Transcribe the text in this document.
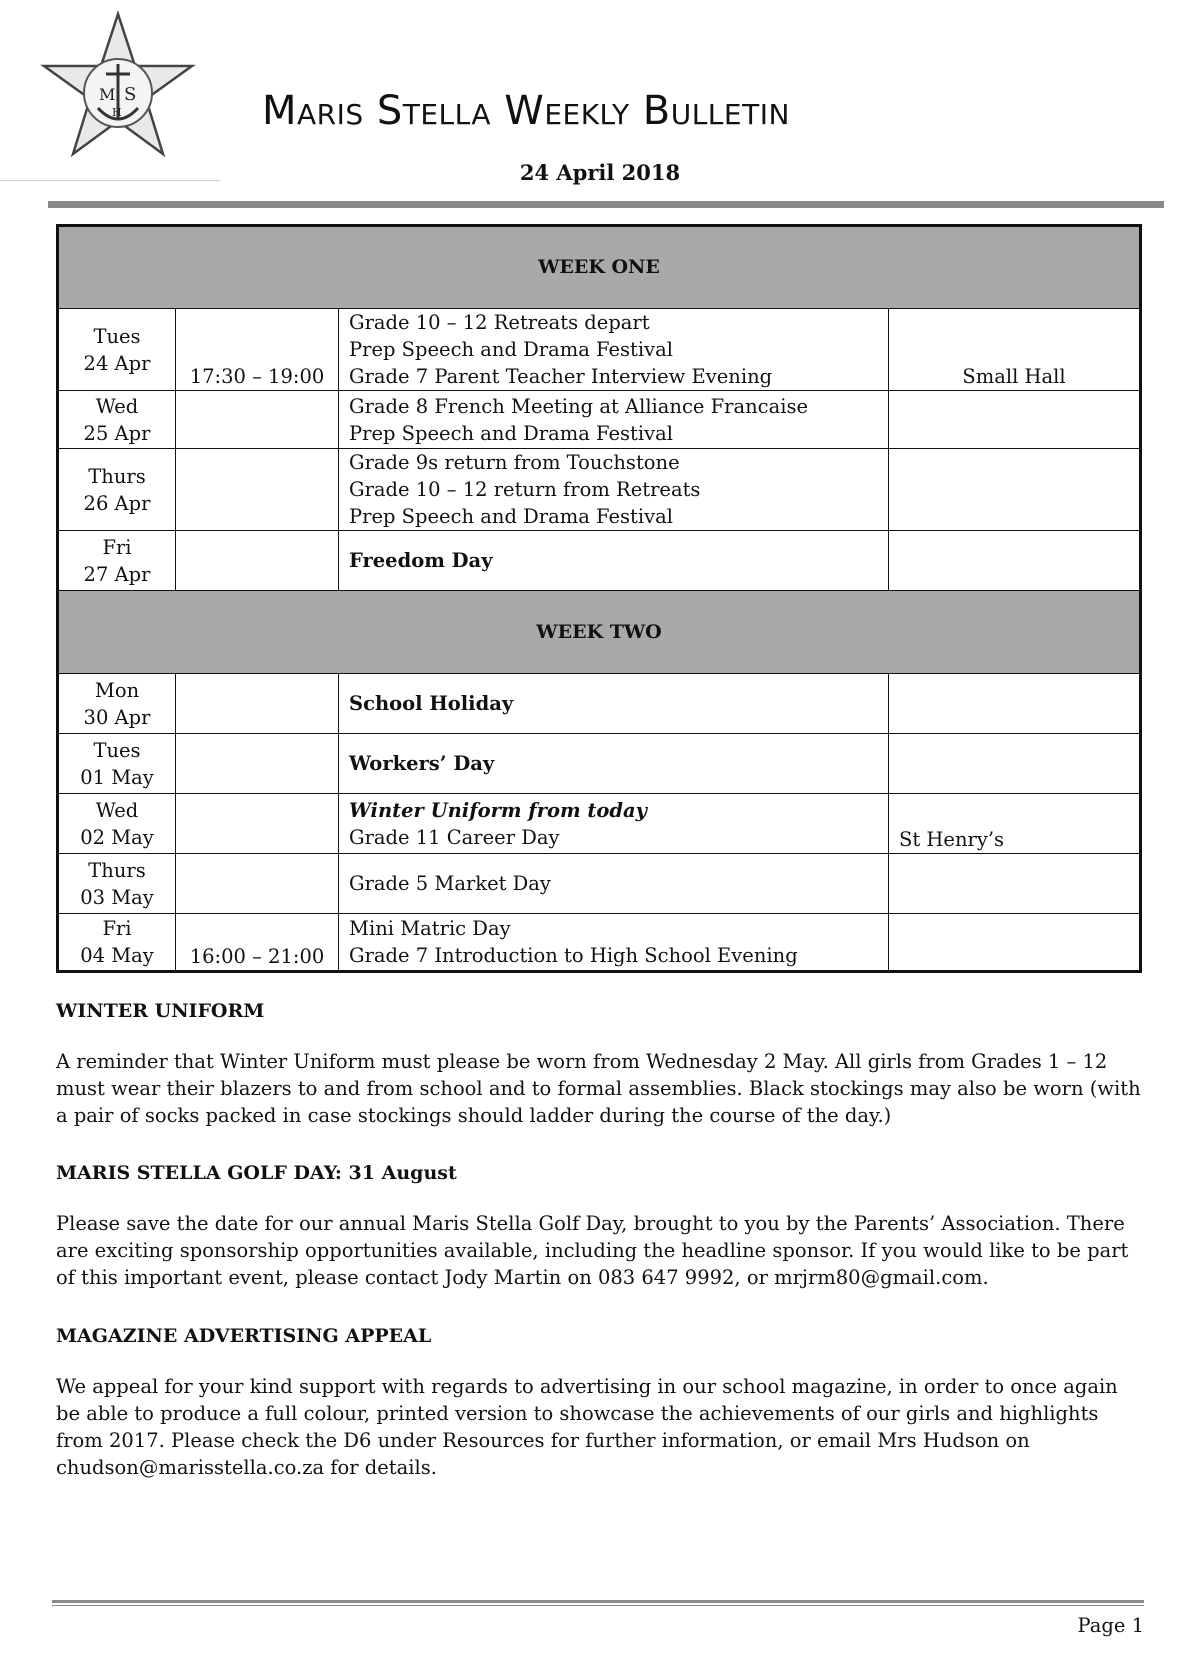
M S
H	Maris Stella Weekly Bulletin
24 April 2018
WEEK ONE			

Tues
24 Apr	17:30 – 19:00	Grade 10 – 12 Retreats depart
Prep Speech and Drama Festival
Grade 7 Parent Teacher Interview Evening	Small Hall

Wed
25 Apr		Grade 8 French Meeting at Alliance Francaise
Prep Speech and Drama Festival	

Thurs
26 Apr		Grade 9s return from Touchstone
Grade 10 – 12 return from Retreats
Prep Speech and Drama Festival	

Fri
27 Apr		Freedom Day	

WEEK TWO			

Mon
30 Apr		School Holiday	

Tues
01 May		Workers’ Day	

Wed
02 May		Winter Uniform from today
Grade 11 Career Day	St Henry’s

Thurs
03 May		Grade 5 Market Day	

Fri
04 May	16:00 – 21:00	Mini Matric Day
Grade 7 Introduction to High School Evening	

WINTER UNIFORM

A reminder that Winter Uniform must please be worn from Wednesday 2 May. All girls from Grades 1 – 12 must wear their blazers to and from school and to formal assemblies. Black stockings may also be worn (with a pair of socks packed in case stockings should ladder during the course of the day.)

MARIS STELLA GOLF DAY: 31 August

Please save the date for our annual Maris Stella Golf Day, brought to you by the Parents’ Association. There are exciting sponsorship opportunities available, including the headline sponsor. If you would like to be part of this important event, please contact Jody Martin on 083 647 9992, or mrjrm80@gmail.com.

MAGAZINE ADVERTISING APPEAL

We appeal for your kind support with regards to advertising in our school magazine, in order to once again be able to produce a full colour, printed version to showcase the achievements of our girls and highlights from 2017. Please check the D6 under Resources for further information, or email Mrs Hudson on chudson@marisstella.co.za for details.

Page 1
